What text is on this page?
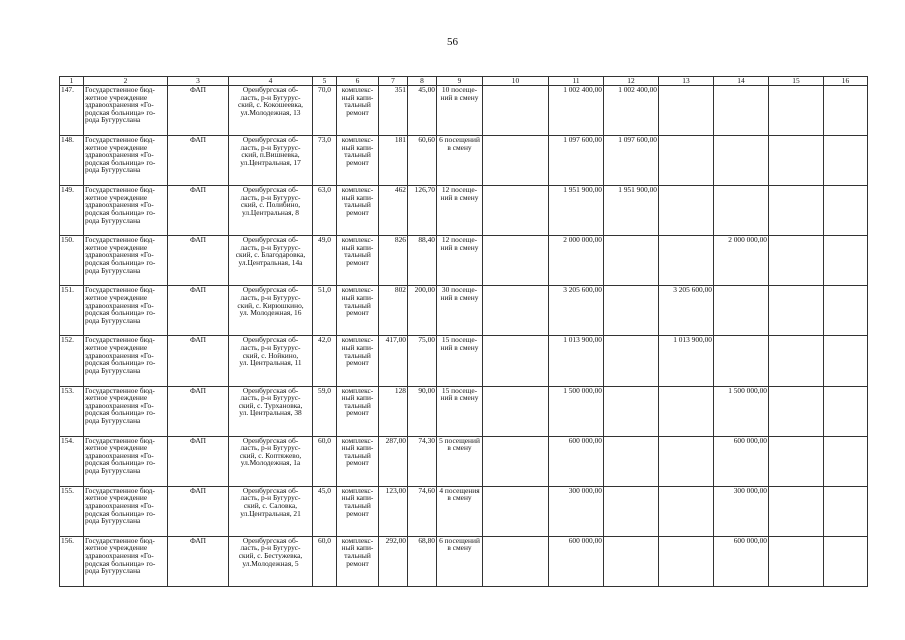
56
1	2	3	4	5	6	7	8	9	10	11	12	13	14	15	16
147.	Государственное бюд-
жетное учреждение
здравоохранения «Го-
родская больница» го-
рода Бугуруслана	ФАП	Оренбургская об-
ласть, р-н Бугурус-
ский, с. Кокошеевка,
ул.Молодежная, 13	70,0	комплекс-
ный капи-
тальный
ремонт	351	45,00	10 посеще-
ний в смену		1 002 400,00	1 002 400,00				
148.	Государственное бюд-
жетное учреждение
здравоохранения «Го-
родская больница» го-
рода Бугуруслана	ФАП	Оренбургская об-
ласть, р-н Бугурус-
ский, п.Вишневка,
ул.Центральная, 17	73,0	комплекс-
ный капи-
тальный
ремонт	181	60,60	6 посещений
в смену		1 097 600,00	1 097 600,00				
149.	Государственное бюд-
жетное учреждение
здравоохранения «Го-
родская больница» го-
рода Бугуруслана	ФАП	Оренбургская об-
ласть, р-н Бугурус-
ский, с. Полибино,
ул.Центральная, 8	63,0	комплекс-
ный капи-
тальный
ремонт	462	126,70	12 посеще-
ний в смену		1 951 900,00	1 951 900,00				
150.	Государственное бюд-
жетное учреждение
здравоохранения «Го-
родская больница» го-
рода Бугуруслана	ФАП	Оренбургская об-
ласть, р-н Бугурус-
ский, с. Благодаровка,
ул.Центральная, 14а	49,0	комплекс-
ный капи-
тальный
ремонт	826	88,40	12 посеще-
ний в смену		2 000 000,00			2 000 000,00		
151.	Государственное бюд-
жетное учреждение
здравоохранения «Го-
родская больница» го-
рода Бугуруслана	ФАП	Оренбургская об-
ласть, р-н Бугурус-
ский, с. Кирюшкино,
ул. Молодежная, 16	51,0	комплекс-
ный капи-
тальный
ремонт	802	200,00	30 посеще-
ний в смену		3 205 600,00		3 205 600,00			
152.	Государственное бюд-
жетное учреждение
здравоохранения «Го-
родская больница» го-
рода Бугуруслана	ФАП	Оренбургская об-
ласть, р-н Бугурус-
ский, с. Нойкино,
ул. Центральная, 11	42,0	комплекс-
ный капи-
тальный
ремонт	417,00	75,00	15 посеще-
ний в смену		1 013 900,00		1 013 900,00			
153.	Государственное бюд-
жетное учреждение
здравоохранения «Го-
родская больница» го-
рода Бугуруслана	ФАП	Оренбургская об-
ласть, р-н Бугурус-
ский, с. Турхановка,
ул. Центральная, 38	59,0	комплекс-
ный капи-
тальный
ремонт	128	90,00	15 посеще-
ний в смену		1 500 000,00			1 500 000,00		
154.	Государственное бюд-
жетное учреждение
здравоохранения «Го-
родская больница» го-
рода Бугуруслана	ФАП	Оренбургская об-
ласть, р-н Бугурус-
ский, с. Коптяжево,
ул.Молодежная, 1а	60,0	комплекс-
ный капи-
тальный
ремонт	287,00	74,30	5 посещений
в смену		600 000,00			600 000,00		
155.	Государственное бюд-
жетное учреждение
здравоохранения «Го-
родская больница» го-
рода Бугуруслана	ФАП	Оренбургская об-
ласть, р-н Бугурус-
ский, с. Саловка,
ул.Центральная, 21	45,0	комплекс-
ный капи-
тальный
ремонт	123,00	74,60	4 посещения
в смену		300 000,00			300 000,00		
156.	Государственное бюд-
жетное учреждение
здравоохранения «Го-
родская больница» го-
рода Бугуруслана	ФАП	Оренбургская об-
ласть, р-н Бугурус-
ский, с. Бестужевка,
ул.Молодежная, 5	60,0	комплекс-
ный капи-
тальный
ремонт	292,00	68,80	6 посещений
в смену		600 000,00			600 000,00		
